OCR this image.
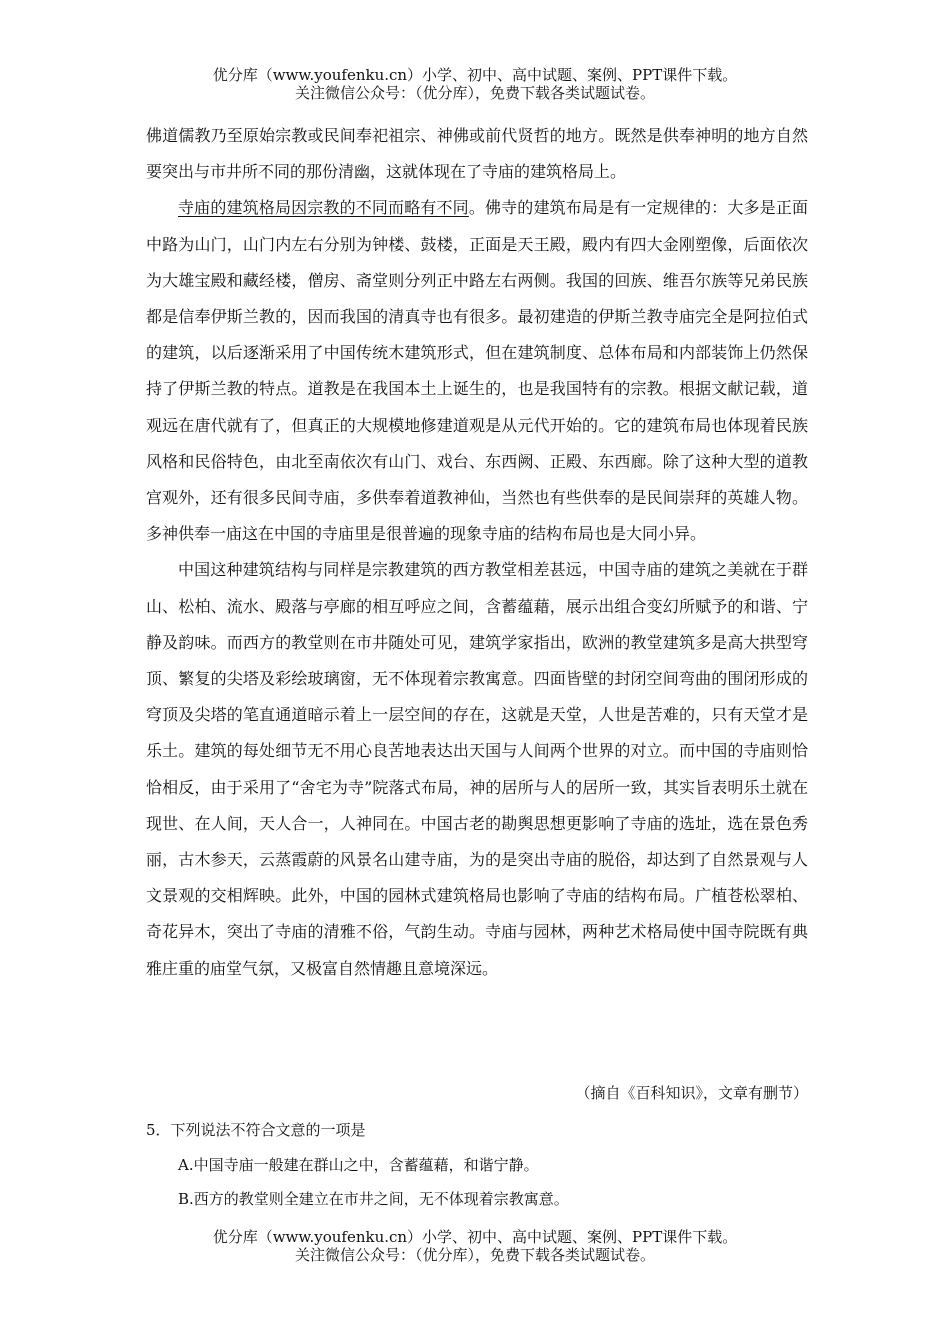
优分库（www.youfenku.cn）小学、初中、高中试题、案例、PPT课件下载。
关注微信公众号：（优分库），免费下载各类试题试卷。

佛道儒教乃至原始宗教或民间奉祀祖宗、神佛或前代贤哲的地方。既然是供奉神明的地方自然要突出与市井所不同的那份清幽，这就体现在了寺庙的建筑格局上。

寺庙的建筑格局因宗教的不同而略有不同。佛寺的建筑布局是有一定规律的：大多是正面中路为山门，山门内左右分别为钟楼、鼓楼，正面是天王殿，殿内有四大金刚塑像，后面依次为大雄宝殿和藏经楼，僧房、斋堂则分列正中路左右两侧。我国的回族、维吾尔族等兄弟民族都是信奉伊斯兰教的，因而我国的清真寺也有很多。最初建造的伊斯兰教寺庙完全是阿拉伯式的建筑，以后逐渐采用了中国传统木建筑形式，但在建筑制度、总体布局和内部装饰上仍然保持了伊斯兰教的特点。道教是在我国本土上诞生的，也是我国特有的宗教。根据文献记载，道观远在唐代就有了，但真正的大规模地修建道观是从元代开始的。它的建筑布局也体现着民族风格和民俗特色，由北至南依次有山门、戏台、东西阙、正殿、东西廊。除了这种大型的道教宫观外，还有很多民间寺庙，多供奉着道教神仙，当然也有些供奉的是民间崇拜的英雄人物。多神供奉一庙这在中国的寺庙里是很普遍的现象寺庙的结构布局也是大同小异。

中国这种建筑结构与同样是宗教建筑的西方教堂相差甚远，中国寺庙的建筑之美就在于群山、松柏、流水、殿落与亭廊的相互呼应之间，含蓄蕴藉，展示出组合变幻所赋予的和谐、宁静及韵味。而西方的教堂则在市井随处可见，建筑学家指出，欧洲的教堂建筑多是高大拱型穹顶、繁复的尖塔及彩绘玻璃窗，无不体现着宗教寓意。四面皆壁的封闭空间弯曲的围闭形成的穹顶及尖塔的笔直通道暗示着上一层空间的存在，这就是天堂，人世是苦难的，只有天堂才是乐土。建筑的每处细节无不用心良苦地表达出天国与人间两个世界的对立。而中国的寺庙则恰恰相反，由于采用了“舍宅为寺”院落式布局，神的居所与人的居所一致，其实旨表明乐土就在现世、在人间，天人合一，人神同在。中国古老的勘舆思想更影响了寺庙的选址，选在景色秀丽，古木参天，云蒸霞蔚的风景名山建寺庙，为的是突出寺庙的脱俗，却达到了自然景观与人文景观的交相辉映。此外，中国的园林式建筑格局也影响了寺庙的结构布局。广植苍松翠柏、奇花异木，突出了寺庙的清雅不俗，气韵生动。寺庙与园林，两种艺术格局使中国寺院既有典雅庄重的庙堂气氛，又极富自然情趣且意境深远。

（摘自《百科知识》，文章有删节）
5．下列说法不符合文意的一项是
A.中国寺庙一般建在群山之中，含蓄蕴藉，和谐宁静。
B.西方的教堂则全建立在市井之间，无不体现着宗教寓意。
优分库（www.youfenku.cn）小学、初中、高中试题、案例、PPT课件下载。
关注微信公众号：（优分库），免费下载各类试题试卷。
